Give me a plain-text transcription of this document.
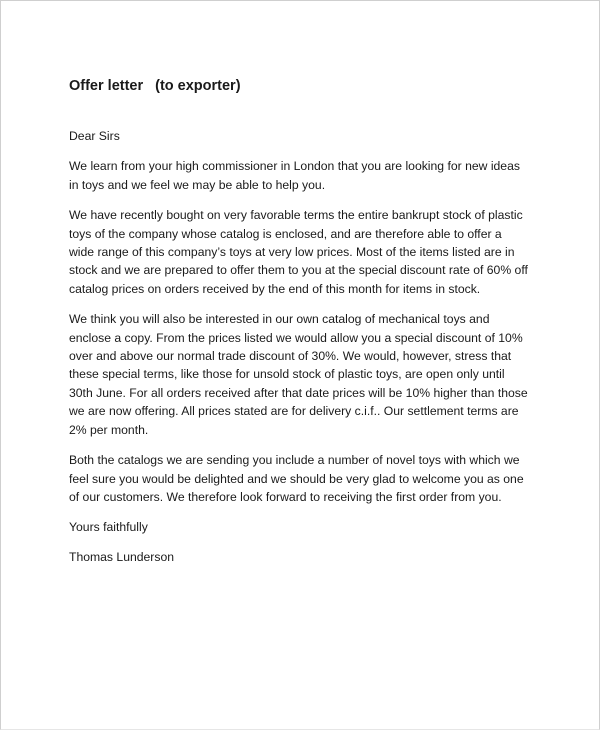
Offer letter (to exporter)

Dear Sirs

We learn from your high commissioner in London that you are looking for new ideas
in toys and we feel we may be able to help you.

We have recently bought on very favorable terms the entire bankrupt stock of plastic
toys of the company whose catalog is enclosed, and are therefore able to offer a
wide range of this company’s toys at very low prices. Most of the items listed are in
stock and we are prepared to offer them to you at the special discount rate of 60% off
catalog prices on orders received by the end of this month for items in stock.

We think you will also be interested in our own catalog of mechanical toys and
enclose a copy. From the prices listed we would allow you a special discount of 10%
over and above our normal trade discount of 30%. We would, however, stress that
these special terms, like those for unsold stock of plastic toys, are open only until
30th June. For all orders received after that date prices will be 10% higher than those
we are now offering. All prices stated are for delivery c.i.f.. Our settlement terms are
2% per month.

Both the catalogs we are sending you include a number of novel toys with which we
feel sure you would be delighted and we should be very glad to welcome you as one
of our customers. We therefore look forward to receiving the first order from you.

Yours faithfully

Thomas Lunderson
